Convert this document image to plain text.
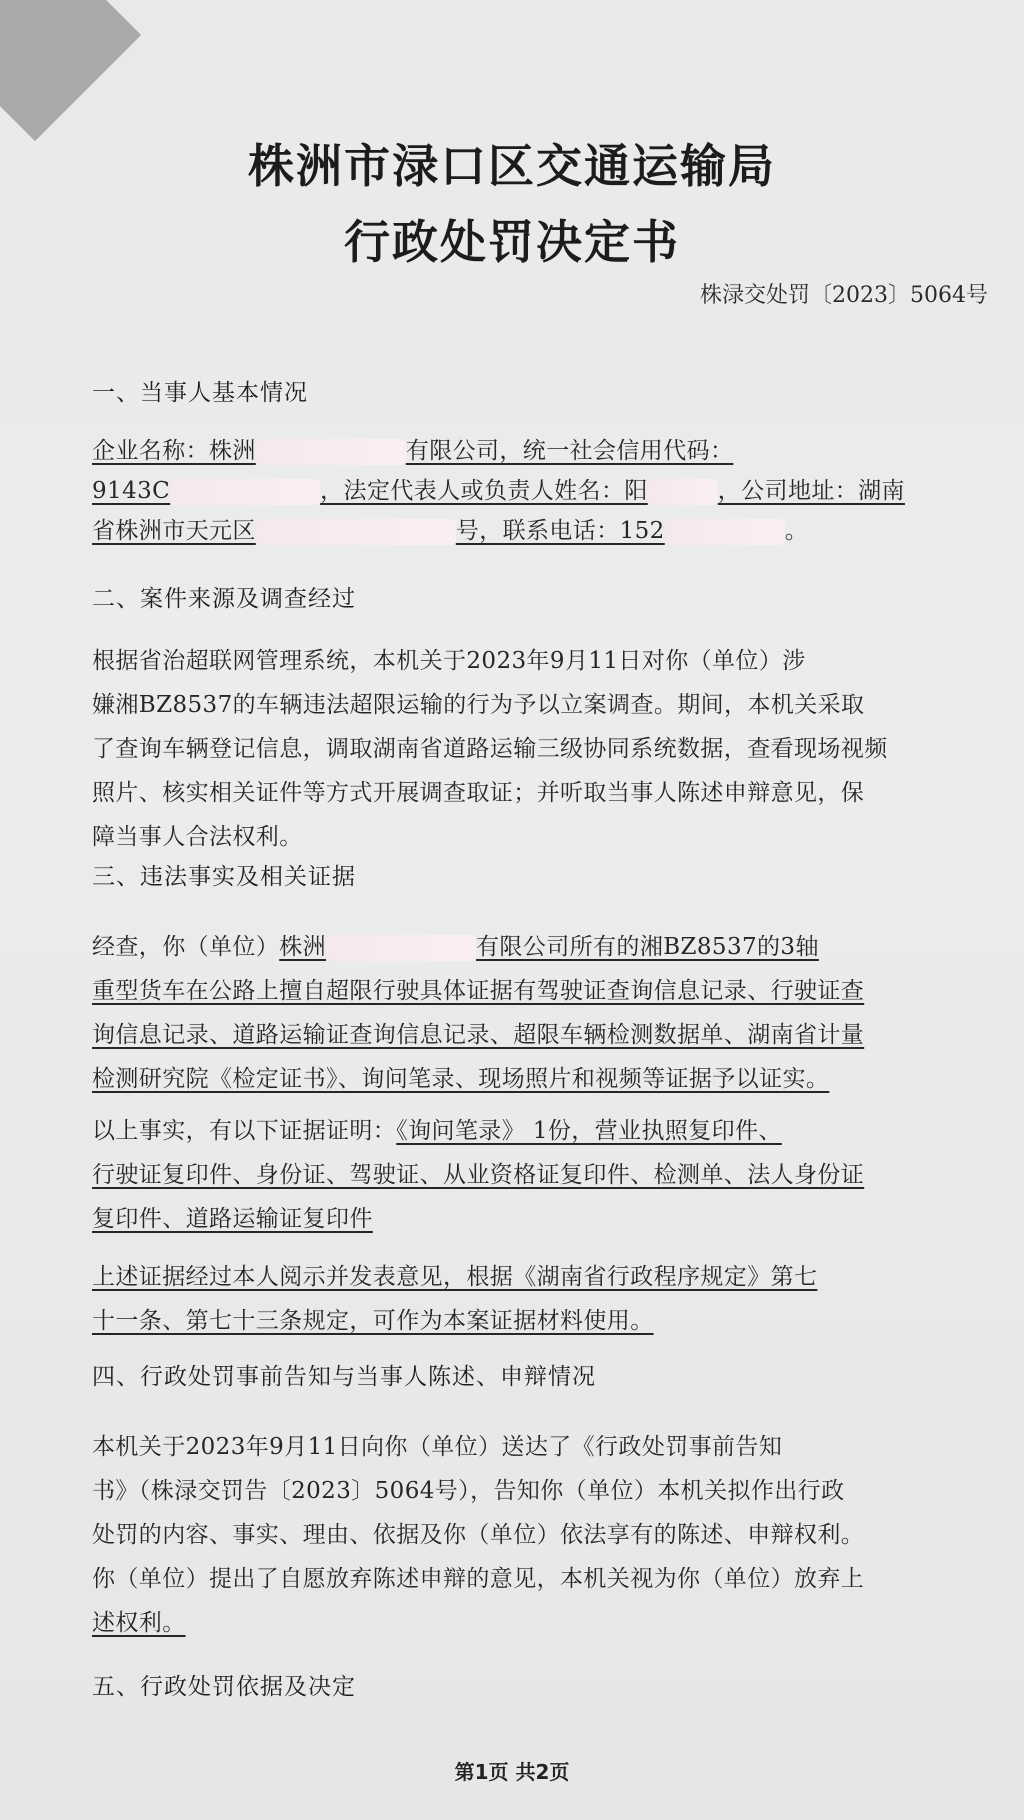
株洲市渌口区交通运输局
行政处罚决定书
株渌交处罚〔2023〕5064号
一、当事人基本情况
企业名称：株洲	有限公司，统一社会信用代码：
9143C	，法定代表人或负责人姓名：阳	，公司地址：湖南
省株洲市天元区	号，联系电话：152	。
二、案件来源及调查经过
根据省治超联网管理系统，本机关于2023年9月11日对你（单位）涉
嫌湘BZ8537的车辆违法超限运输的行为予以立案调查。期间，本机关采取
了查询车辆登记信息，调取湖南省道路运输三级协同系统数据，查看现场视频
照片、核实相关证件等方式开展调查取证；并听取当事人陈述申辩意见，保
障当事人合法权利。
三、违法事实及相关证据
经查，你（单位）株洲	有限公司所有的湘BZ8537的3轴
重型货车在公路上擅自超限行驶具体证据有驾驶证查询信息记录、行驶证查
询信息记录、道路运输证查询信息记录、超限车辆检测数据单、湖南省计量
检测研究院《检定证书》、询问笔录、现场照片和视频等证据予以证实。
以上事实，有以下证据证明：《询问笔录》 1份，营业执照复印件、
行驶证复印件、身份证、驾驶证、从业资格证复印件、检测单、法人身份证
复印件、道路运输证复印件
上述证据经过本人阅示并发表意见，根据《湖南省行政程序规定》第七
十一条、第七十三条规定，可作为本案证据材料使用。
四、行政处罚事前告知与当事人陈述、申辩情况
本机关于2023年9月11日向你（单位）送达了《行政处罚事前告知
书》（株渌交罚告〔2023〕5064号），告知你（单位）本机关拟作出行政
处罚的内容、事实、理由、依据及你（单位）依法享有的陈述、申辩权利。
你（单位）提出了自愿放弃陈述申辩的意见，本机关视为你（单位）放弃上
述权利。
五、行政处罚依据及决定
第1页 共2页
